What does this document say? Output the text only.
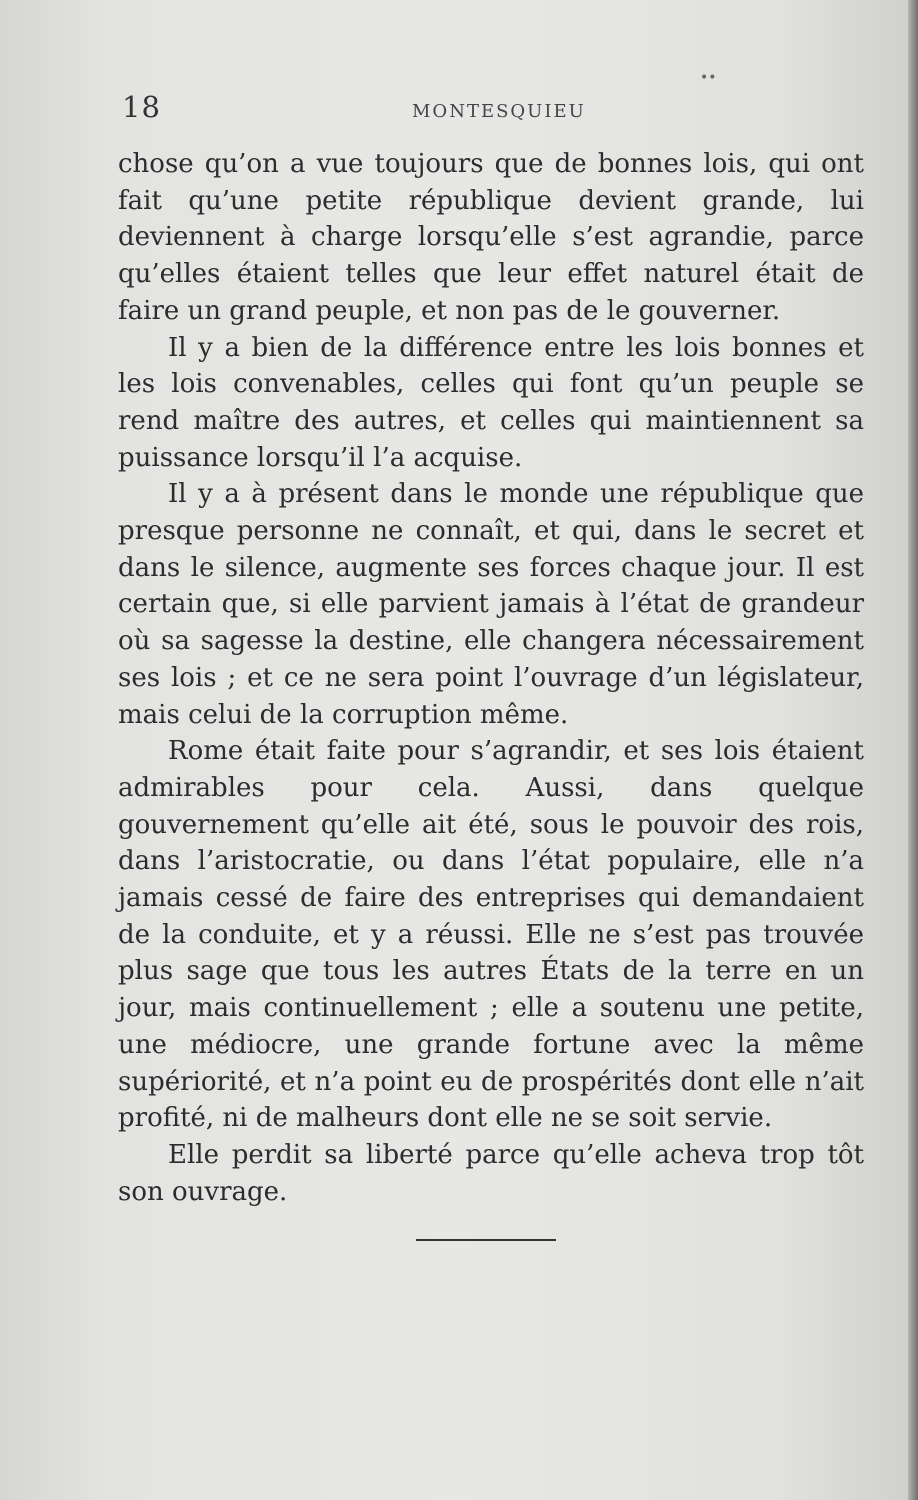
••
18	MONTESQUIEU

chose qu’on a vue toujours que de bonnes lois, qui ont fait qu’une petite république devient grande, lui deviennent à charge lorsqu’elle s’est agrandie, parce qu’elles étaient telles que leur effet naturel était de faire un grand peuple, et non pas de le gouverner.

Il y a bien de la différence entre les lois bonnes et les lois convenables, celles qui font qu’un peuple se rend maître des autres, et celles qui maintiennent sa puissance lorsqu’il l’a acquise.

Il y a à présent dans le monde une république que presque personne ne connaît, et qui, dans le secret et dans le silence, augmente ses forces chaque jour. Il est certain que, si elle parvient jamais à l’état de grandeur où sa sagesse la destine, elle changera nécessairement ses lois ; et ce ne sera point l’ouvrage d’un législateur, mais celui de la corruption même.

Rome était faite pour s’agrandir, et ses lois étaient admirables pour cela. Aussi, dans quelque gouvernement qu’elle ait été, sous le pouvoir des rois, dans l’aristocratie, ou dans l’état populaire, elle n’a jamais cessé de faire des entreprises qui demandaient de la conduite, et y a réussi. Elle ne s’est pas trouvée plus sage que tous les autres États de la terre en un jour, mais continuellement ; elle a soutenu une petite, une médiocre, une grande fortune avec la même supériorité, et n’a point eu de prospérités dont elle n’ait profité, ni de malheurs dont elle ne se soit servie.

Elle perdit sa liberté parce qu’elle acheva trop tôt son ouvrage.
